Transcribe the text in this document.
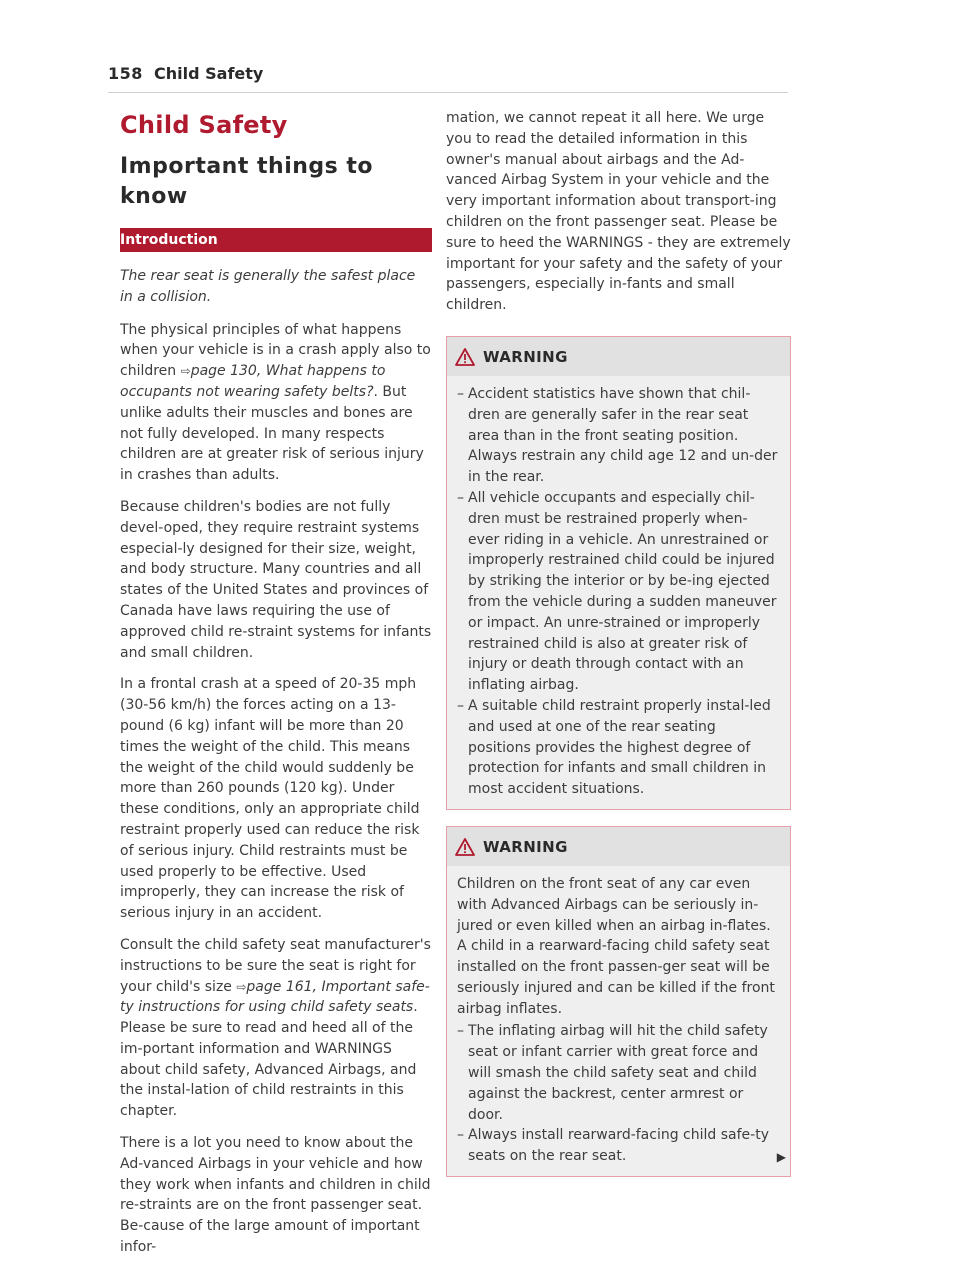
158 Child Safety
Child Safety
Important things to know
Introduction

The rear seat is generally the safest place in a collision.

The physical principles of what happens when your vehicle is in a crash apply also to children ⇨page 130, What happens to occupants not wearing safety belts?. But unlike adults their muscles and bones are not fully developed. In many respects children are at greater risk of serious injury in crashes than adults.

Because children's bodies are not fully devel-oped, they require restraint systems especial-ly designed for their size, weight, and body structure. Many countries and all states of the United States and provinces of Canada have laws requiring the use of approved child re-straint systems for infants and small children.

In a frontal crash at a speed of 20-35 mph (30-56 km/h) the forces acting on a 13-pound (6 kg) infant will be more than 20 times the weight of the child. This means the weight of the child would suddenly be more than 260 pounds (120 kg). Under these conditions, only an appropriate child restraint properly used can reduce the risk of serious injury. Child restraints must be used properly to be effective. Used improperly, they can increase the risk of serious injury in an accident.

Consult the child safety seat manufacturer's instructions to be sure the seat is right for your child's size ⇨page 161, Important safe-ty instructions for using child safety seats. Please be sure to read and heed all of the im-portant information and WARNINGS about child safety, Advanced Airbags, and the instal-lation of child restraints in this chapter.

There is a lot you need to know about the Ad-vanced Airbags in your vehicle and how they work when infants and children in child re-straints are on the front passenger seat. Be-cause of the large amount of important infor-

mation, we cannot repeat it all here. We urge you to read the detailed information in this owner's manual about airbags and the Ad-vanced Airbag System in your vehicle and the very important information about transport-ing children on the front passenger seat. Please be sure to heed the WARNINGS - they are extremely important for your safety and the safety of your passengers, especially in-fants and small children.

WARNING
– Accident statistics have shown that chil-dren are generally safer in the rear seat area than in the front seating position. Always restrain any child age 12 and un-der in the rear.
– All vehicle occupants and especially chil-dren must be restrained properly when-ever riding in a vehicle. An unrestrained or improperly restrained child could be injured by striking the interior or by be-ing ejected from the vehicle during a sudden maneuver or impact. An unre-strained or improperly restrained child is also at greater risk of injury or death through contact with an inflating airbag.
– A suitable child restraint properly instal-led and used at one of the rear seating positions provides the highest degree of protection for infants and small children in most accident situations.
WARNING

Children on the front seat of any car even with Advanced Airbags can be seriously in-jured or even killed when an airbag in-flates. A child in a rearward-facing child safety seat installed on the front passen-ger seat will be seriously injured and can be killed if the front airbag inflates.

– The inflating airbag will hit the child safety seat or infant carrier with great force and will smash the child safety seat and child against the backrest, center armrest or door.
– Always install rearward-facing child safe-ty seats on the rear seat.	▶
